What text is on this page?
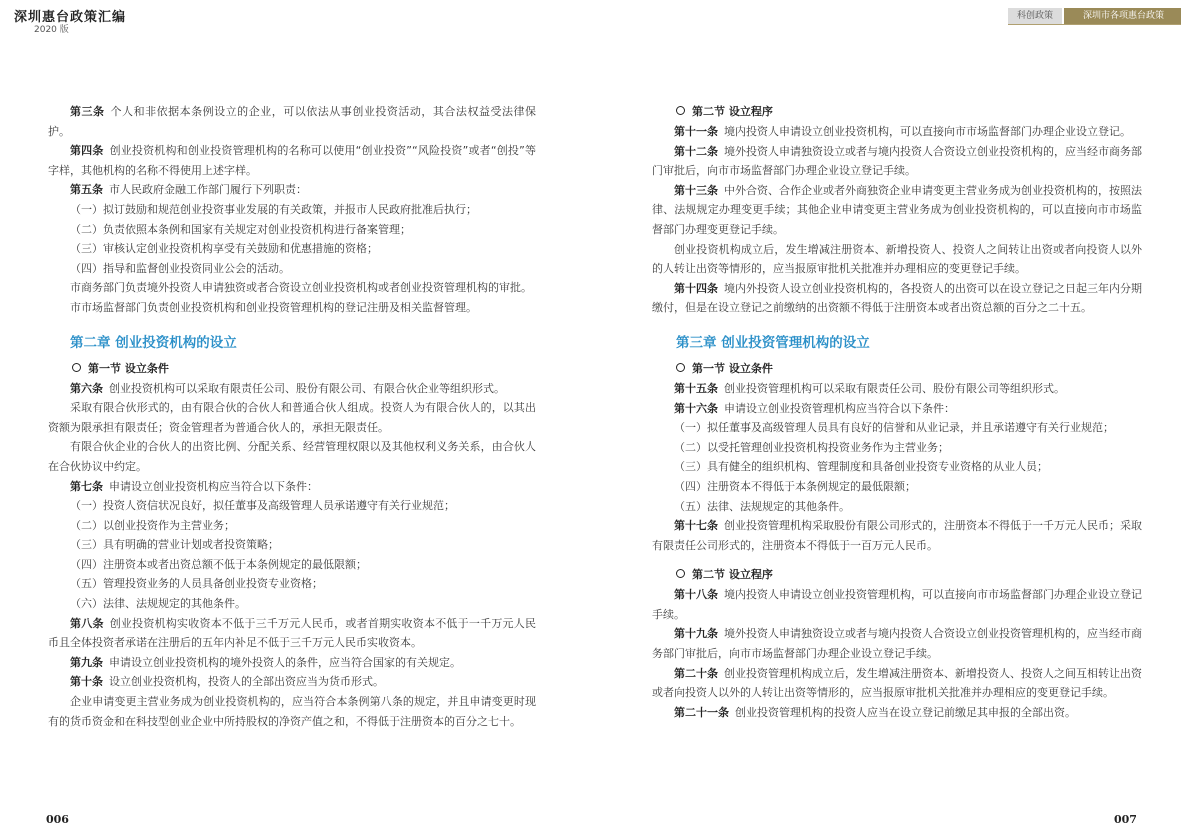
深圳惠台政策汇编
2020 版
科创政策	深圳市各项惠台政策

第三条 个人和非依据本条例设立的企业，可以依法从事创业投资活动，其合法权益受法律保护。

第四条 创业投资机构和创业投资管理机构的名称可以使用“创业投资”“风险投资”或者“创投”等字样，其他机构的名称不得使用上述字样。

第五条 市人民政府金融工作部门履行下列职责：

（一）拟订鼓励和规范创业投资事业发展的有关政策，并报市人民政府批准后执行；

（二）负责依照本条例和国家有关规定对创业投资机构进行备案管理；

（三）审核认定创业投资机构享受有关鼓励和优惠措施的资格；

（四）指导和监督创业投资同业公会的活动。

市商务部门负责境外投资人申请独资或者合资设立创业投资机构或者创业投资管理机构的审批。

市市场监督部门负责创业投资机构和创业投资管理机构的登记注册及相关监督管理。

第二章 创业投资机构的设立

第一节 设立条件

第六条 创业投资机构可以采取有限责任公司、股份有限公司、有限合伙企业等组织形式。

采取有限合伙形式的，由有限合伙的合伙人和普通合伙人组成。投资人为有限合伙人的，以其出资额为限承担有限责任；资金管理者为普通合伙人的，承担无限责任。

有限合伙企业的合伙人的出资比例、分配关系、经营管理权限以及其他权利义务关系，由合伙人在合伙协议中约定。

第七条 申请设立创业投资机构应当符合以下条件：

（一）投资人资信状况良好，拟任董事及高级管理人员承诺遵守有关行业规范；

（二）以创业投资作为主营业务；

（三）具有明确的营业计划或者投资策略；

（四）注册资本或者出资总额不低于本条例规定的最低限额；

（五）管理投资业务的人员具备创业投资专业资格；

（六）法律、法规规定的其他条件。

第八条 创业投资机构实收资本不低于三千万元人民币，或者首期实收资本不低于一千万元人民币且全体投资者承诺在注册后的五年内补足不低于三千万元人民币实收资本。

第九条 申请设立创业投资机构的境外投资人的条件，应当符合国家的有关规定。

第十条 设立创业投资机构，投资人的全部出资应当为货币形式。

企业申请变更主营业务成为创业投资机构的，应当符合本条例第八条的规定，并且申请变更时现有的货币资金和在科技型创业企业中所持股权的净资产值之和，不得低于注册资本的百分之七十。

第二节 设立程序

第十一条 境内投资人申请设立创业投资机构，可以直接向市市场监督部门办理企业设立登记。

第十二条 境外投资人申请独资设立或者与境内投资人合资设立创业投资机构的，应当经市商务部门审批后，向市市场监督部门办理企业设立登记手续。

第十三条 中外合资、合作企业或者外商独资企业申请变更主营业务成为创业投资机构的，按照法律、法规规定办理变更手续；其他企业申请变更主营业务成为创业投资机构的，可以直接向市市场监督部门办理变更登记手续。

创业投资机构成立后，发生增减注册资本、新增投资人、投资人之间转让出资或者向投资人以外的人转让出资等情形的，应当报原审批机关批准并办理相应的变更登记手续。

第十四条 境内外投资人设立创业投资机构的，各投资人的出资可以在设立登记之日起三年内分期缴付，但是在设立登记之前缴纳的出资额不得低于注册资本或者出资总额的百分之二十五。

第三章 创业投资管理机构的设立

第一节 设立条件

第十五条 创业投资管理机构可以采取有限责任公司、股份有限公司等组织形式。

第十六条 申请设立创业投资管理机构应当符合以下条件：

（一）拟任董事及高级管理人员具有良好的信誉和从业记录，并且承诺遵守有关行业规范；

（二）以受托管理创业投资机构投资业务作为主营业务；

（三）具有健全的组织机构、管理制度和具备创业投资专业资格的从业人员；

（四）注册资本不得低于本条例规定的最低限额；

（五）法律、法规规定的其他条件。

第十七条 创业投资管理机构采取股份有限公司形式的，注册资本不得低于一千万元人民币；采取有限责任公司形式的，注册资本不得低于一百万元人民币。

第二节 设立程序

第十八条 境内投资人申请设立创业投资管理机构，可以直接向市市场监督部门办理企业设立登记手续。

第十九条 境外投资人申请独资设立或者与境内投资人合资设立创业投资管理机构的，应当经市商务部门审批后，向市市场监督部门办理企业设立登记手续。

第二十条 创业投资管理机构成立后，发生增减注册资本、新增投资人、投资人之间互相转让出资或者向投资人以外的人转让出资等情形的，应当报原审批机关批准并办理相应的变更登记手续。

第二十一条 创业投资管理机构的投资人应当在设立登记前缴足其申报的全部出资。

006	007
